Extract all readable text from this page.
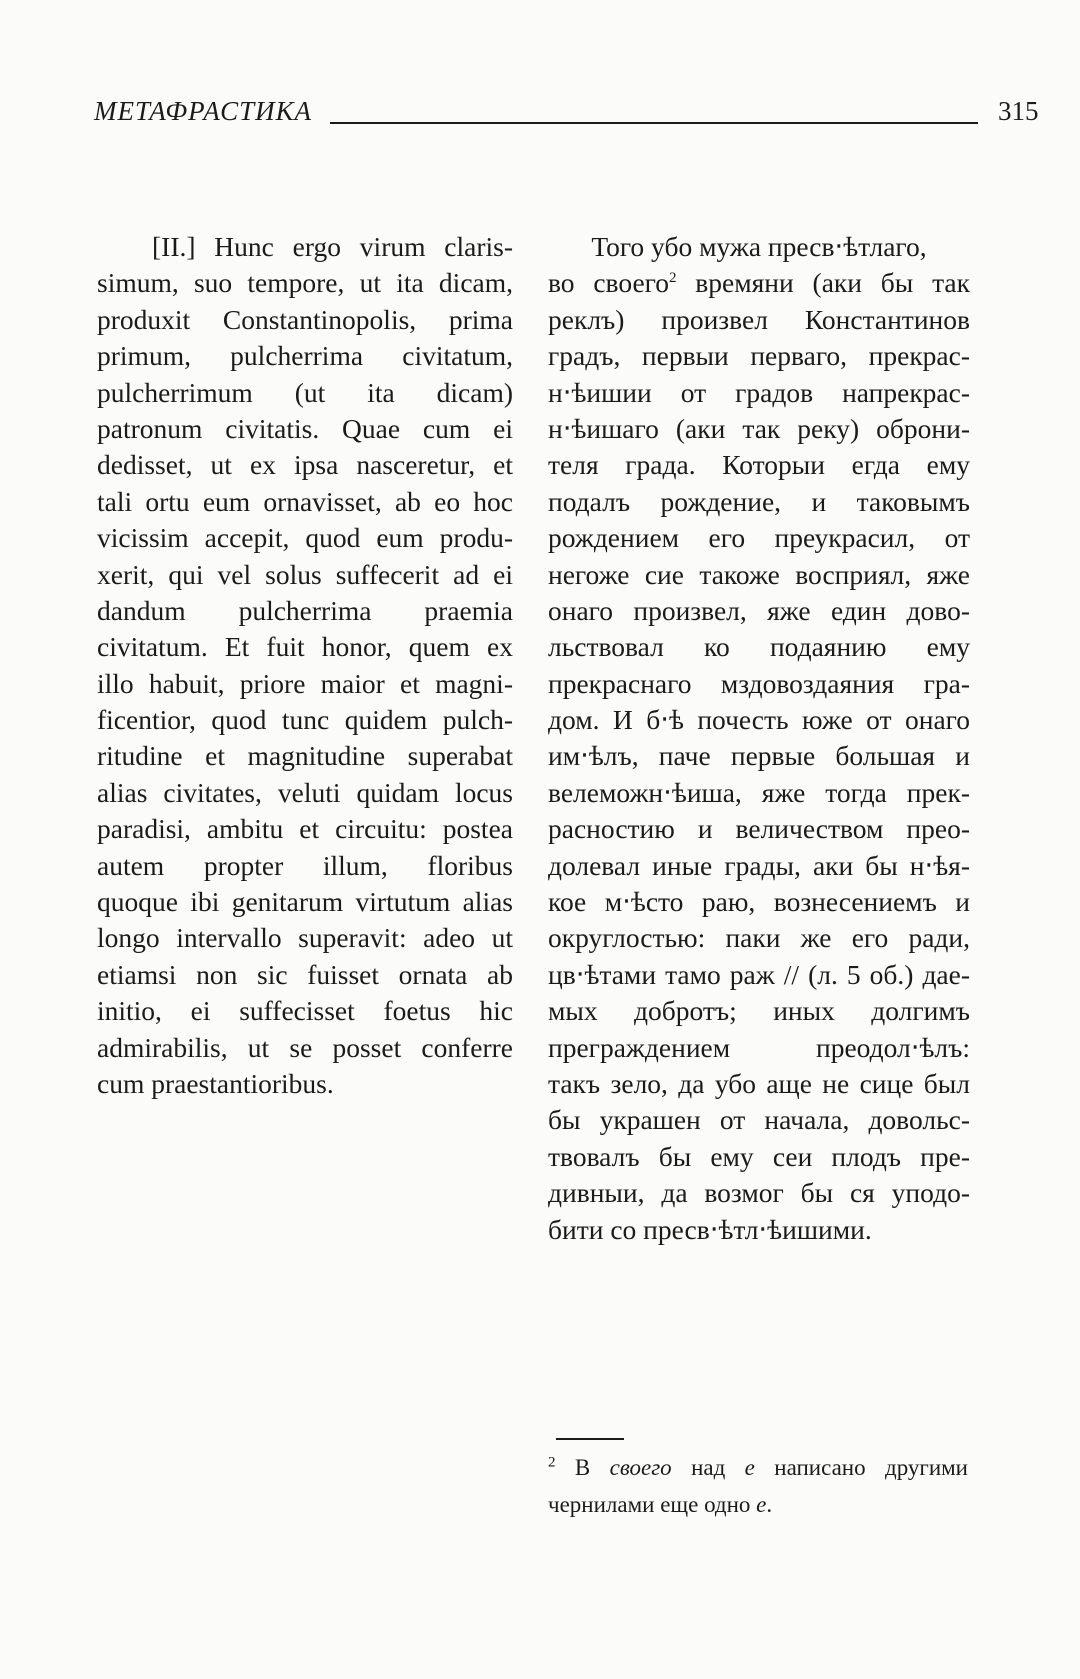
МЕТАФРАСТИКА	315
[II.] Hunc ergo virum claris-
simum, suo tempore, ut ita dicam,
produxit Constantinopolis, prima
primum, pulcherrima civitatum,
pulcherrimum (ut ita dicam)
patronum civitatis. Quae cum ei
dedisset, ut ex ipsa nasceretur, et
tali ortu eum ornavisset, ab eo hoc
vicissim accepit, quod eum produ-
xerit, qui vel solus suffecerit ad ei
dandum pulcherrima praemia
civitatum. Et fuit honor, quem ex
illo habuit, priore maior et magni-
ficentior, quod tunc quidem pulch-
ritudine et magnitudine superabat
alias civitates, veluti quidam locus
paradisi, ambitu et circuitu: postea
autem propter illum, floribus
quoque ibi genitarum virtutum alias
longo intervallo superavit: adeo ut
etiamsi non sic fuisset ornata ab
initio, ei suffecisset foetus hic
admirabilis, ut se posset conferre
cum praestantioribus.
Того убо мужа пресв‧ѣтлаго,
во своего$^2$ времяни (аки бы так
реклъ) произвел Константинов
градъ, первыи перваго, прекрас-
н‧ѣишии от градов напрекрас-
н‧ѣишаго (аки так реку) оброни-
теля града. Которыи егда ему
подалъ рождение, и таковымъ
рождением его преукрасил, от
негоже сие такоже восприял, яже
онаго произвел, яже един дово-
льствовал ко подаянию ему
прекраснаго мздовоздаяния гра-
дом. И б‧ѣ почесть юже от онаго
им‧ѣлъ, паче первые большая и
велеможн‧ѣиша, яже тогда прек-
расностию и величеством прео-
долевал иные грады, аки бы н‧ѣя-
кое м‧ѣсто раю, вознесениемъ и
округлостью: паки же его ради,
цв‧ѣтами тамо раж // (л. 5 об.) дае-
мых добротъ; иных долгимъ
преграждением преодол‧ѣлъ:
такъ зело, да убо аще не сице был
бы украшен от начала, довольс-
твовалъ бы ему сеи плодъ пре-
дивныи, да возмог бы ся уподо-
бити со пресв‧ѣтл‧ѣишими.
$^2$ В своего над е написано другими
чернилами еще одно е.
